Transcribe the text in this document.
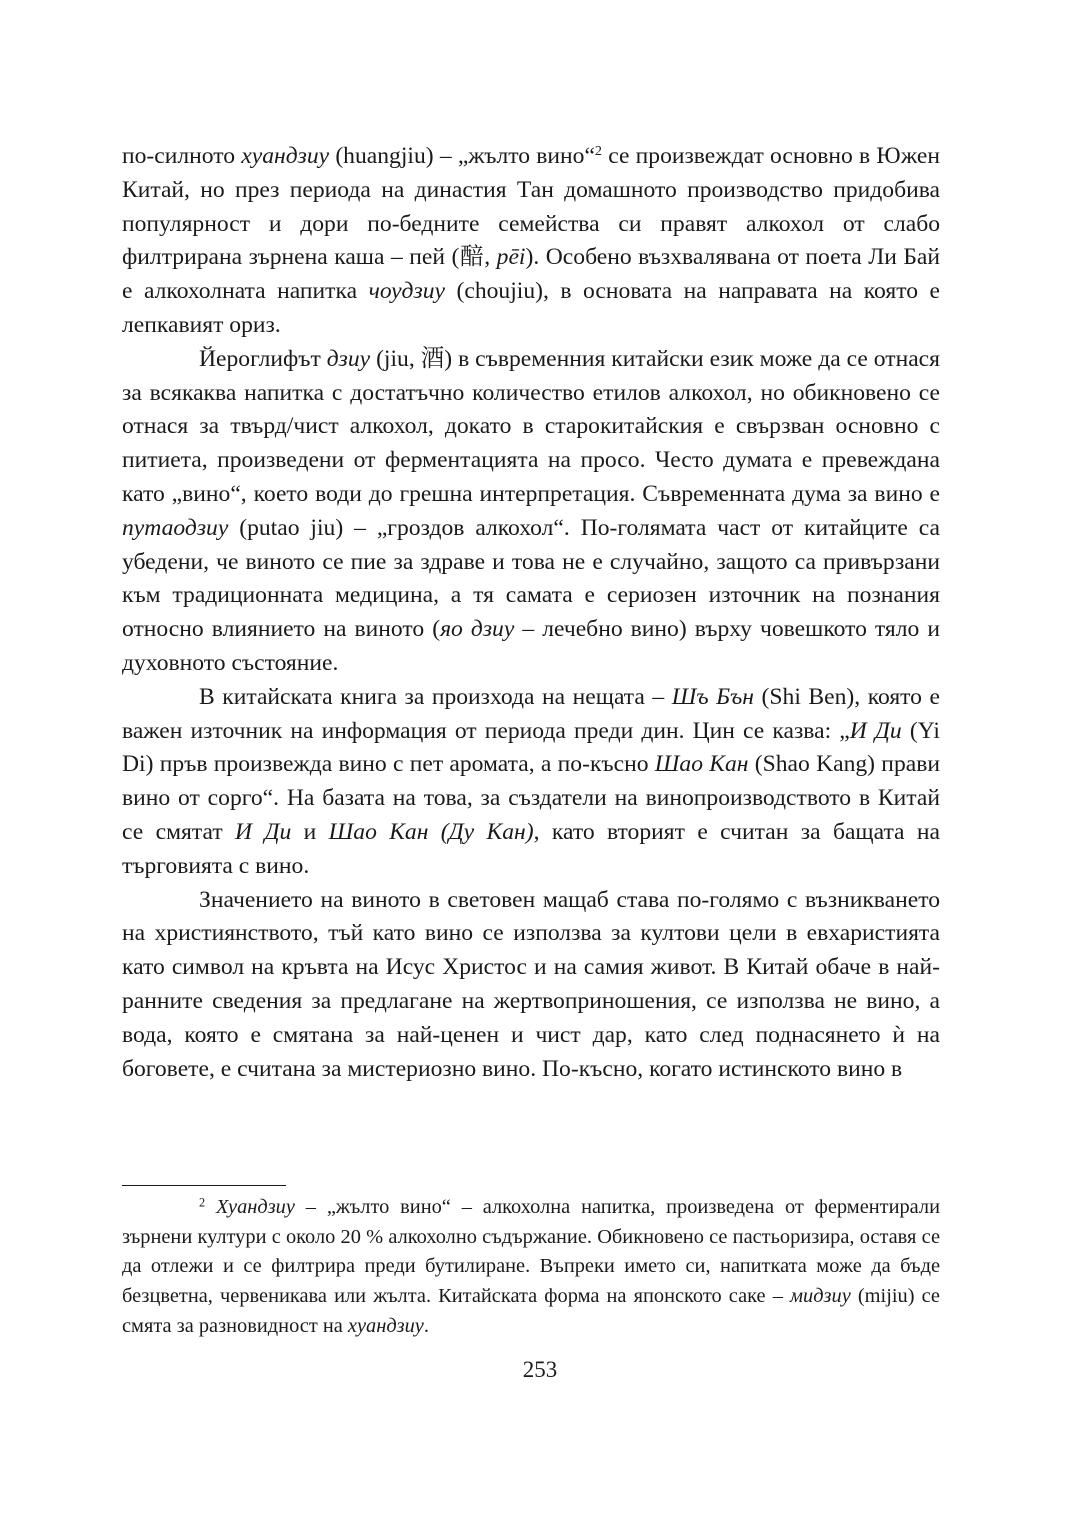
по-силното хуандзиу (huangjiu) – „жълто вино“$^2$ се произвеждат основно в Южен Китай, но през периода на династия Тан домашното производство придобива популярност и дори по-бедните семейства си правят алкохол от слабо филтрирана зърнена каша – пей (醅, pēi). Особено възхвалявана от поета Ли Бай е алкохолната напитка чоудзиу (choujiu), в основата на направата на която е лепкавият ориз.

Йероглифът дзиу (jiu, 酒) в съвременния китайски език може да се отнася за всякаква напитка с достатъчно количество етилов алкохол, но обикновено се отнася за твърд/чист алкохол, докато в старокитайския е свързван основно с питиета, произведени от ферментацията на просо. Често думата е превеждана като „вино“, което води до грешна интерпретация. Съвременната дума за вино е путаодзиу (putao jiu) – „гроздов алкохол“. По-голямата част от китайците са убедени, че виното се пие за здраве и това не е случайно, защото са привързани към традиционната медицина, а тя самата е сериозен източник на познания относно влиянието на виното (яо дзиу – лечебно вино) върху човешкото тяло и духовното състояние.

В китайската книга за произхода на нещата – Шъ Бън (Shi Ben), която е важен източник на информация от периода преди дин. Цин се казва: „И Ди (Yi Di) пръв произвежда вино с пет аромата, а по-късно Шао Кан (Shao Kang) прави вино от сорго“. На базата на това, за създатели на винопроизводството в Китай се смятат И Ди и Шао Кан (Ду Кан), като вторият е считан за бащата на търговията с вино.

Значението на виното в световен мащаб става по-голямо с възникването на християнството, тъй като вино се използва за култови цели в евхаристията като символ на кръвта на Исус Христос и на самия живот. В Китай обаче в най-ранните сведения за предлагане на жертвоприношения, се използва не вино, а вода, която е смятана за най-ценен и чист дар, като след поднасянето ѝ на боговете, е считана за мистериозно вино. По-късно, когато истинското вино в

$^2$ Хуандзиу – „жълто вино“ – алкохолна напитка, произведена от ферментирали зърнени култури с около 20 % алкохолно съдържание. Обикновено се пастьоризира, оставя се да отлежи и се филтрира преди бутилиране. Въпреки името си, напитката може да бъде безцветна, червеникава или жълта. Китайската форма на японското саке – мидзиу (mijiu) се смята за разновидност на хуандзиу.

253
